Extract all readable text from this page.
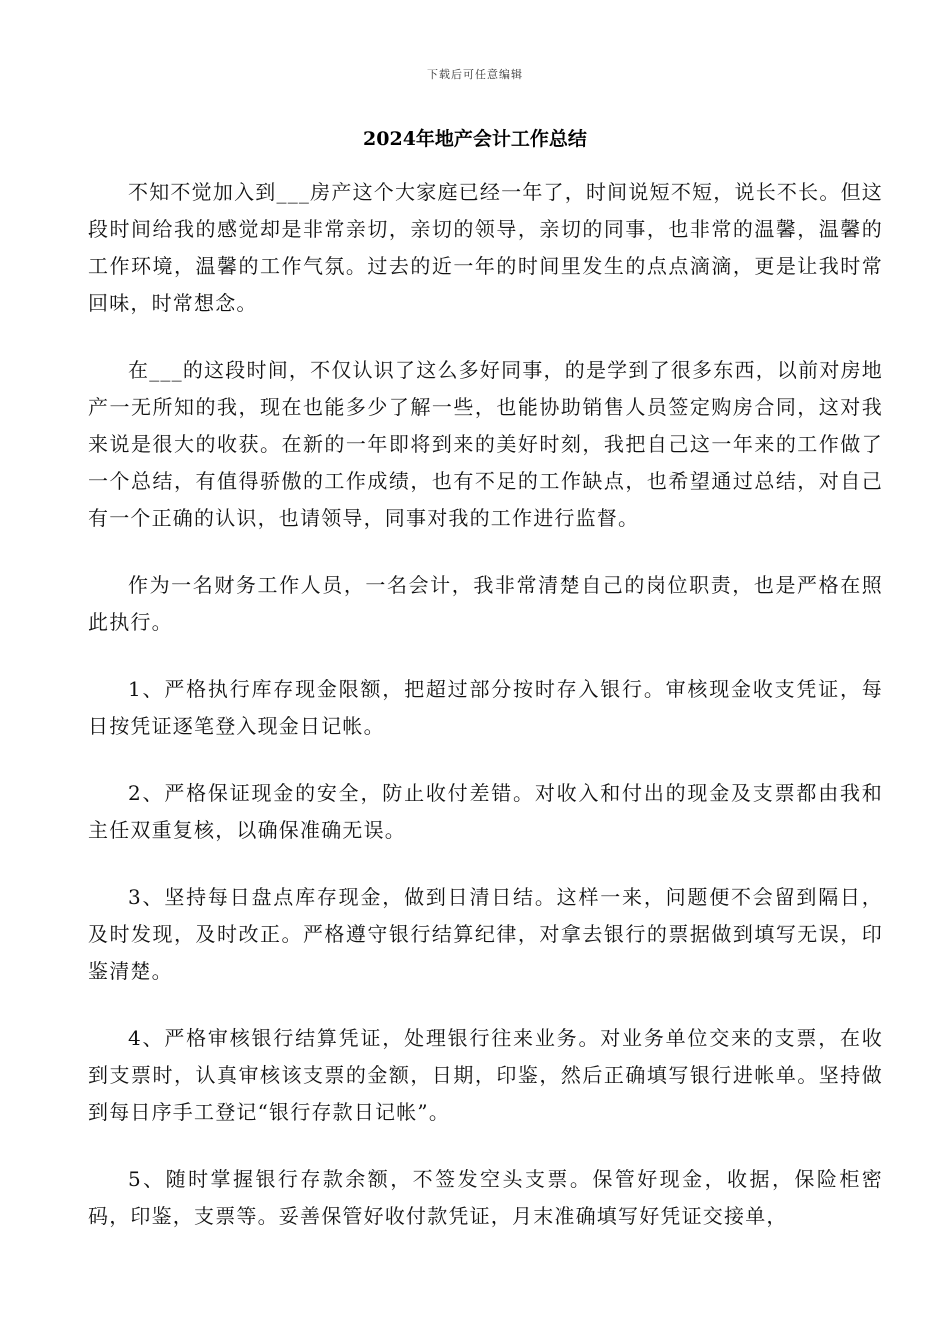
下载后可任意编辑
2024年地产会计工作总结

不知不觉加入到___房产这个大家庭已经一年了，时间说短不短，说长不长。但这段时间给我的感觉却是非常亲切，亲切的领导，亲切的同事，也非常的温馨，温馨的工作环境，温馨的工作气氛。过去的近一年的时间里发生的点点滴滴，更是让我时常回味，时常想念。

在___的这段时间，不仅认识了这么多好同事，的是学到了很多东西，以前对房地产一无所知的我，现在也能多少了解一些，也能协助销售人员签定购房合同，这对我来说是很大的收获。在新的一年即将到来的美好时刻，我把自己这一年来的工作做了一个总结，有值得骄傲的工作成绩，也有不足的工作缺点，也希望通过总结，对自己有一个正确的认识，也请领导，同事对我的工作进行监督。

作为一名财务工作人员，一名会计，我非常清楚自己的岗位职责，也是严格在照此执行。

1、严格执行库存现金限额，把超过部分按时存入银行。审核现金收支凭证，每日按凭证逐笔登入现金日记帐。

2、严格保证现金的安全，防止收付差错。对收入和付出的现金及支票都由我和主任双重复核，以确保准确无误。

3、坚持每日盘点库存现金，做到日清日结。这样一来，问题便不会留到隔日，及时发现，及时改正。严格遵守银行结算纪律，对拿去银行的票据做到填写无误，印鉴清楚。

4、严格审核银行结算凭证，处理银行往来业务。对业务单位交来的支票，在收到支票时，认真审核该支票的金额，日期，印鉴，然后正确填写银行进帐单。坚持做到每日序手工登记“银行存款日记帐”。

5、随时掌握银行存款余额，不签发空头支票。保管好现金，收据，保险柜密码，印鉴，支票等。妥善保管好收付款凭证，月末准确填写好凭证交接单，
